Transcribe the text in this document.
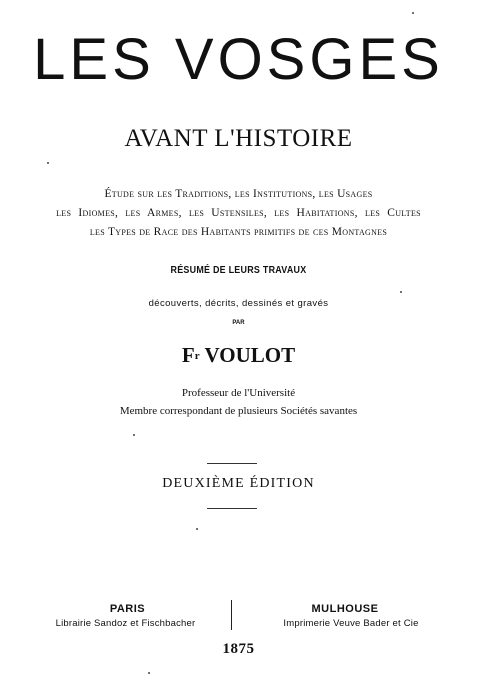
LES VOSGES
AVANT L'HISTOIRE
Étude sur les Traditions, les Institutions, les Usages
les Idiomes, les Armes, les Ustensiles, les Habitations, les Cultes
les Types de Race des Habitants primitifs de ces Montagnes
RÉSUMÉ DE LEURS TRAVAUX
découverts, décrits, dessinés et gravés
PAR
$F^r$ VOULOT
Professeur de l'Université
Membre correspondant de plusieurs Sociétés savantes
DEUXIÈME ÉDITION
PARIS
Librairie Sandoz et Fischbacher
MULHOUSE
Imprimerie Veuve Bader et Cie
1875
